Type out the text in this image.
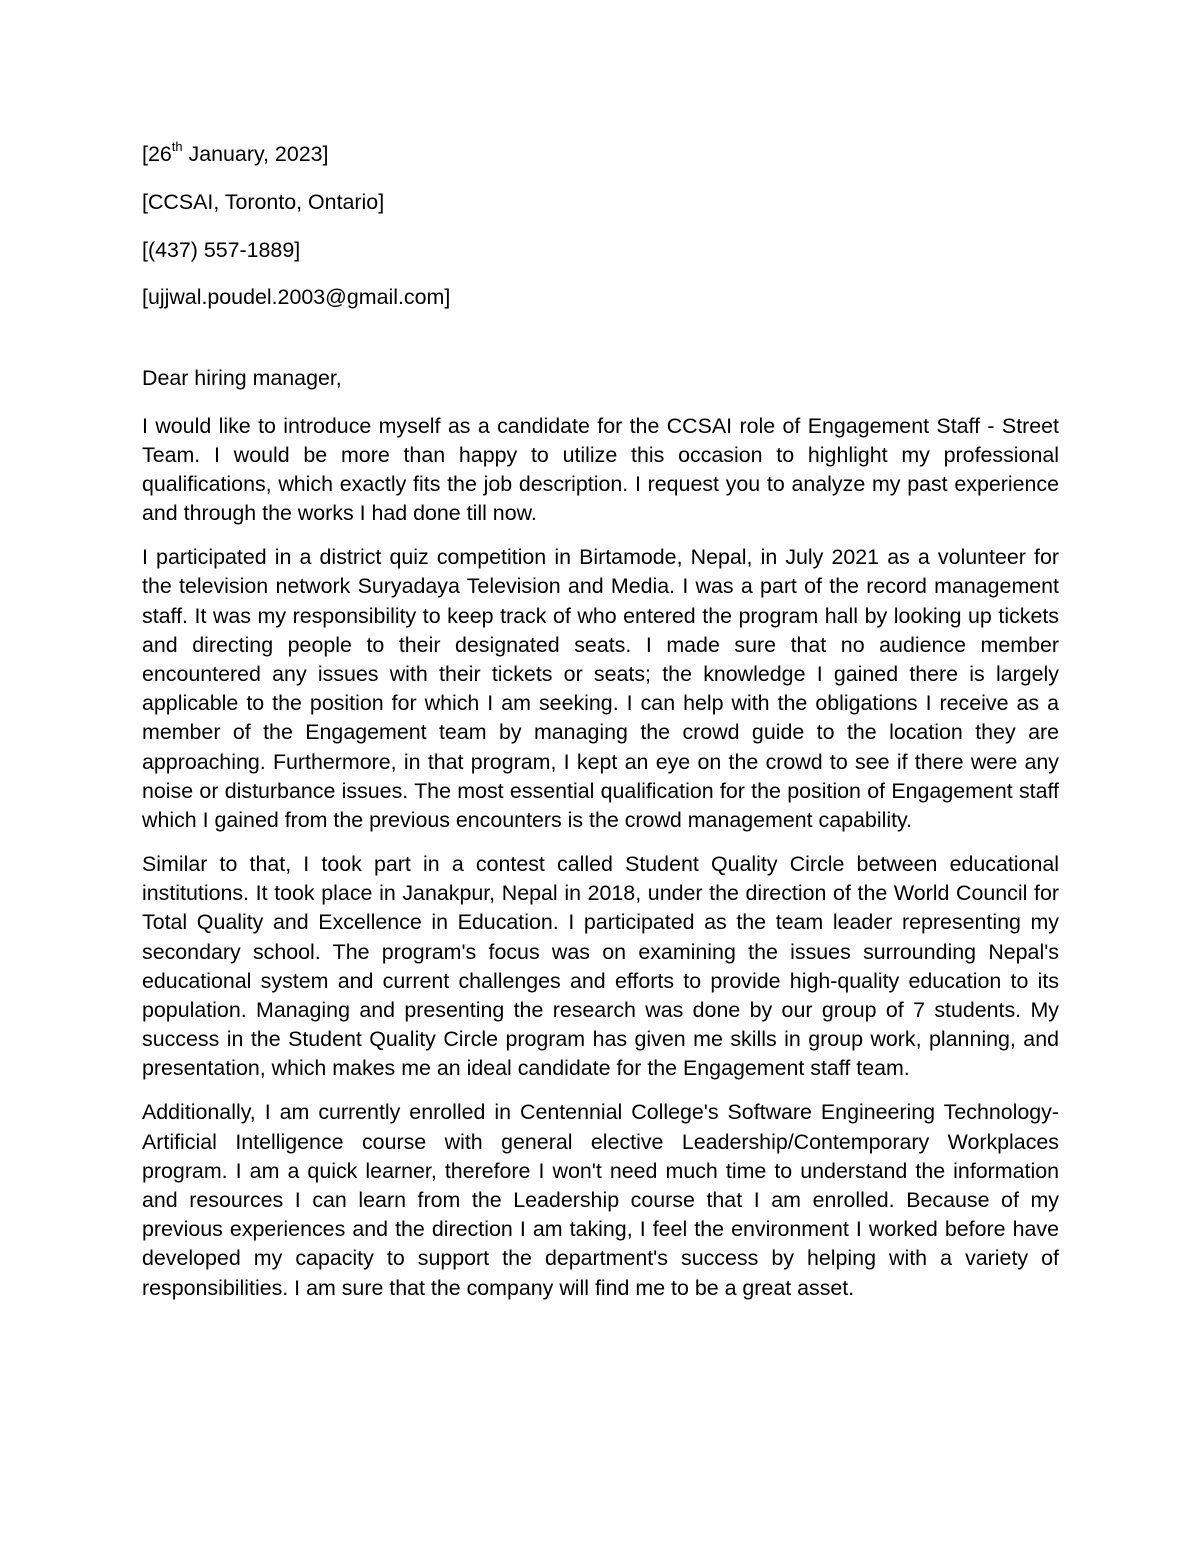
[26th January, 2023]
[CCSAI, Toronto, Ontario]
[(437) 557-1889]
[ujjwal.poudel.2003@gmail.com]

Dear hiring manager,

I would like to introduce myself as a candidate for the CCSAI role of Engagement Staff - Street Team. I would be more than happy to utilize this occasion to highlight my professional qualifications, which exactly fits the job description. I request you to analyze my past experience and through the works I had done till now.

I participated in a district quiz competition in Birtamode, Nepal, in July 2021 as a volunteer for the television network Suryadaya Television and Media. I was a part of the record management staff. It was my responsibility to keep track of who entered the program hall by looking up tickets and directing people to their designated seats. I made sure that no audience member encountered any issues with their tickets or seats; the knowledge I gained there is largely applicable to the position for which I am seeking. I can help with the obligations I receive as a member of the Engagement team by managing the crowd guide to the location they are approaching. Furthermore, in that program, I kept an eye on the crowd to see if there were any noise or disturbance issues. The most essential qualification for the position of Engagement staff which I gained from the previous encounters is the crowd management capability.

Similar to that, I took part in a contest called Student Quality Circle between educational institutions. It took place in Janakpur, Nepal in 2018, under the direction of the World Council for Total Quality and Excellence in Education. I participated as the team leader representing my secondary school. The program's focus was on examining the issues surrounding Nepal's educational system and current challenges and efforts to provide high-quality education to its population. Managing and presenting the research was done by our group of 7 students. My success in the Student Quality Circle program has given me skills in group work, planning, and presentation, which makes me an ideal candidate for the Engagement staff team.

Additionally, I am currently enrolled in Centennial College's Software Engineering Technology-Artificial Intelligence course with general elective Leadership/Contemporary Workplaces program. I am a quick learner, therefore I won't need much time to understand the information and resources I can learn from the Leadership course that I am enrolled. Because of my previous experiences and the direction I am taking, I feel the environment I worked before have developed my capacity to support the department's success by helping with a variety of responsibilities. I am sure that the company will find me to be a great asset.
